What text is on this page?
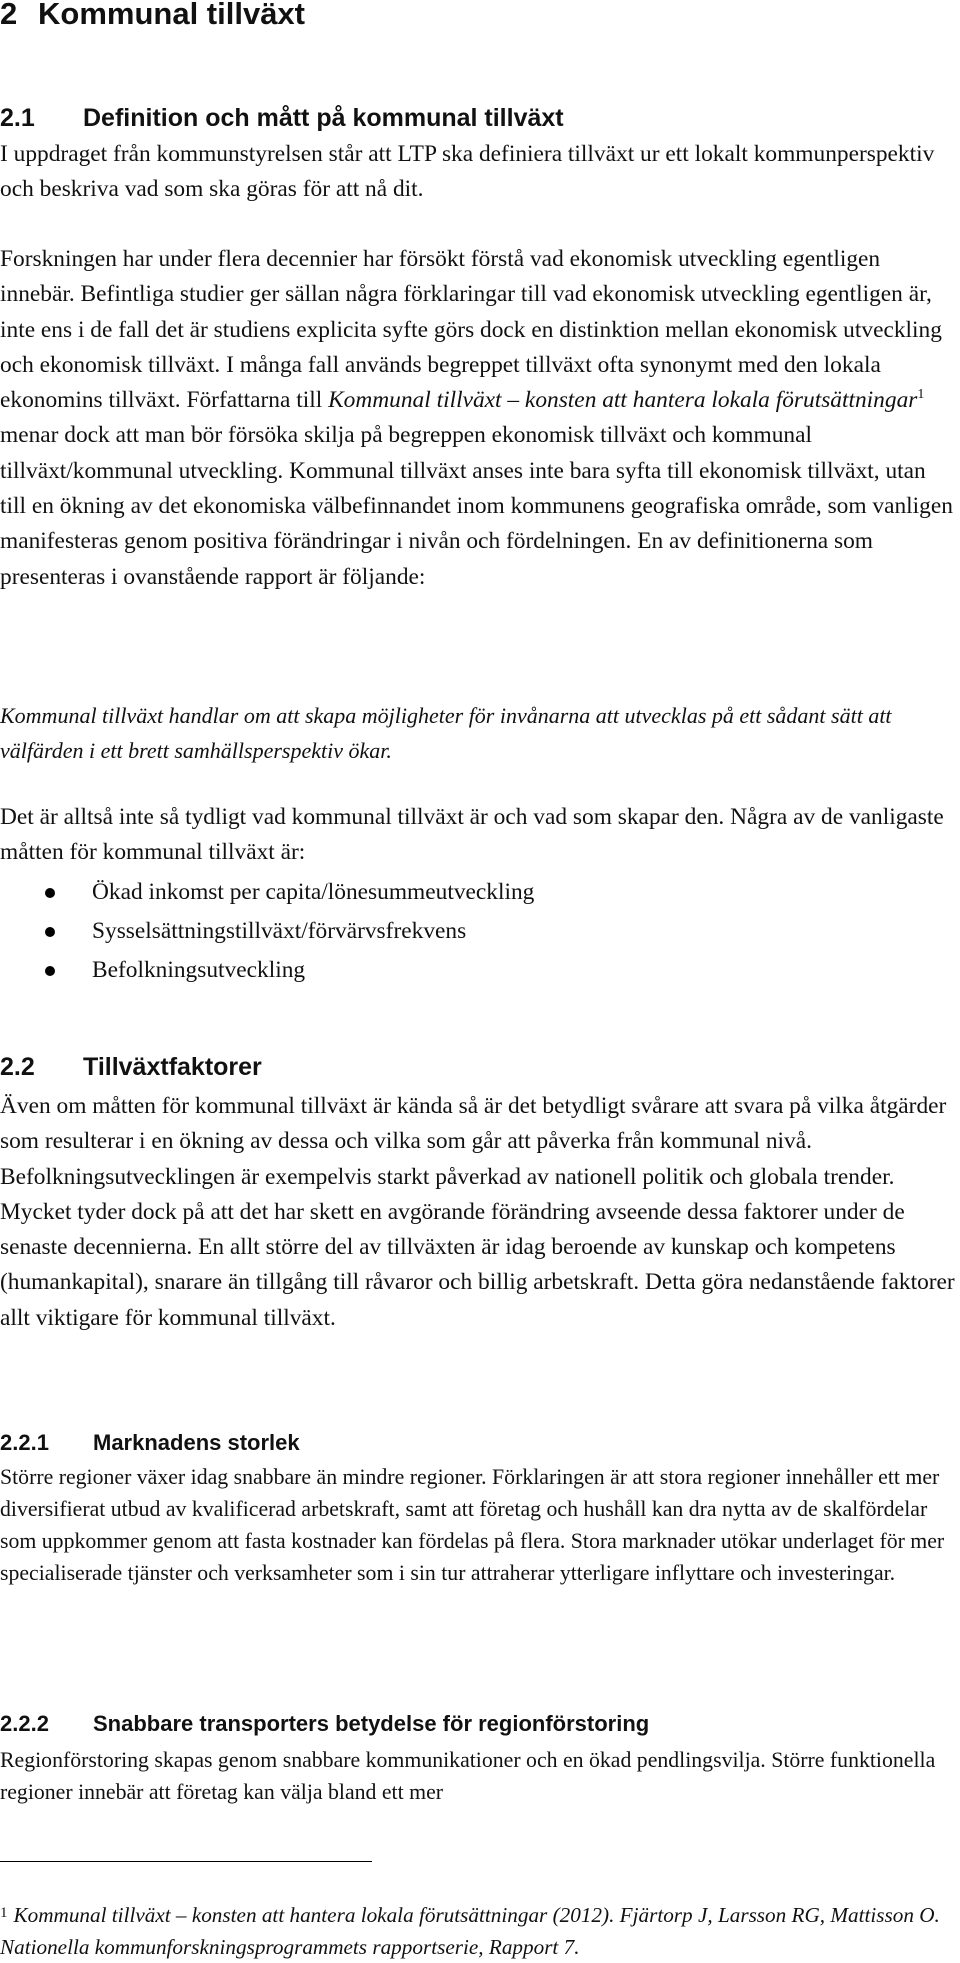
2 Kommunal tillväxt
2.1 Definition och mått på kommunal tillväxt

I uppdraget från kommunstyrelsen står att LTP ska definiera tillväxt ur ett lokalt kommunperspektiv och beskriva vad som ska göras för att nå dit.

Forskningen har under flera decennier har försökt förstå vad ekonomisk utveckling egentligen innebär. Befintliga studier ger sällan några förklaringar till vad ekonomisk utveckling egentligen är, inte ens i de fall det är studiens explicita syfte görs dock en distinktion mellan ekonomisk utveckling och ekonomisk tillväxt. I många fall används begreppet tillväxt ofta synonymt med den lokala ekonomins tillväxt. Författarna till Kommunal tillväxt – konsten att hantera lokala förutsättningar$^1$ menar dock att man bör försöka skilja på begreppen ekonomisk tillväxt och kommunal tillväxt/kommunal utveckling. Kommunal tillväxt anses inte bara syfta till ekonomisk tillväxt, utan till en ökning av det ekonomiska välbefinnandet inom kommunens geografiska område, som vanligen manifesteras genom positiva förändringar i nivån och fördelningen. En av definitionerna som presenteras i ovanstående rapport är följande:

Kommunal tillväxt handlar om att skapa möjligheter för invånarna att utvecklas på ett sådant sätt att välfärden i ett brett samhällsperspektiv ökar.

Det är alltså inte så tydligt vad kommunal tillväxt är och vad som skapar den. Några av de vanligaste måtten för kommunal tillväxt är:

Ökad inkomst per capita/lönesummeutveckling
Sysselsättningstillväxt/förvärvsfrekvens
Befolkningsutveckling
2.2 Tillväxtfaktorer

Även om måtten för kommunal tillväxt är kända så är det betydligt svårare att svara på vilka åtgärder som resulterar i en ökning av dessa och vilka som går att påverka från kommunal nivå. Befolkningsutvecklingen är exempelvis starkt påverkad av nationell politik och globala trender. Mycket tyder dock på att det har skett en avgörande förändring avseende dessa faktorer under de senaste decennierna. En allt större del av tillväxten är idag beroende av kunskap och kompetens (humankapital), snarare än tillgång till råvaror och billig arbetskraft. Detta göra nedanstående faktorer allt viktigare för kommunal tillväxt.

2.2.1 Marknadens storlek

Större regioner växer idag snabbare än mindre regioner. Förklaringen är att stora regioner innehåller ett mer diversifierat utbud av kvalificerad arbetskraft, samt att företag och hushåll kan dra nytta av de skalfördelar som uppkommer genom att fasta kostnader kan fördelas på flera. Stora marknader utökar underlaget för mer specialiserade tjänster och verksamheter som i sin tur attraherar ytterligare inflyttare och investeringar.

2.2.2 Snabbare transporters betydelse för regionförstoring

Regionförstoring skapas genom snabbare kommunikationer och en ökad pendlingsvilja. Större funktionella regioner innebär att företag kan välja bland ett mer

$^1$ Kommunal tillväxt – konsten att hantera lokala förutsättningar (2012). Fjärtorp J, Larsson RG, Mattisson O. Nationella kommunforskningsprogrammets rapportserie, Rapport 7.
